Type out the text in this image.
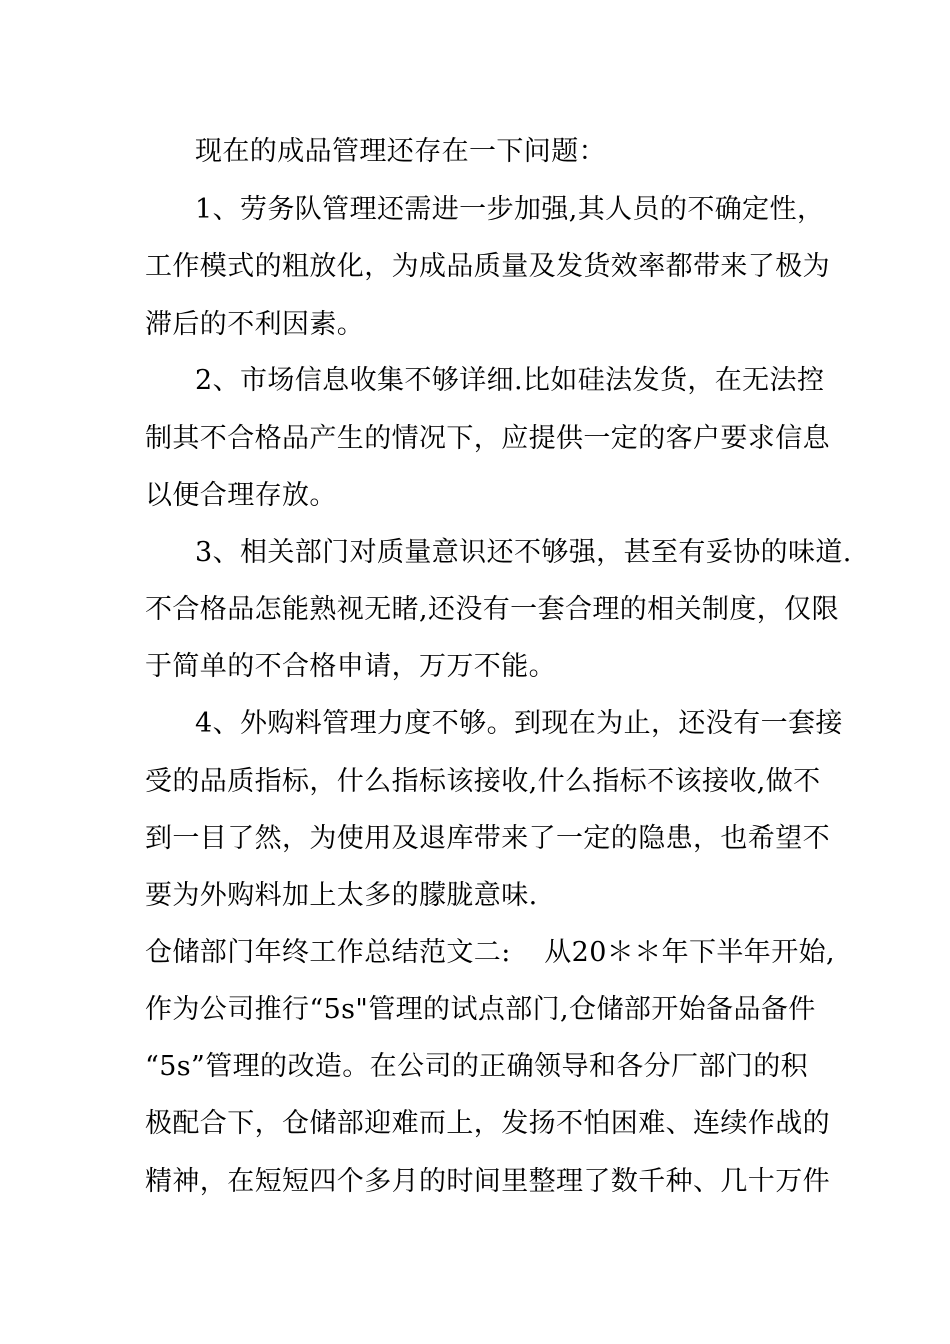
现在的成品管理还存在一下问题：
1、劳务队管理还需进一步加强,其人员的不确定性，
工作模式的粗放化，为成品质量及发货效率都带来了极为
滞后的不利因素。
2、市场信息收集不够详细.比如硅法发货，在无法控
制其不合格品产生的情况下，应提供一定的客户要求信息
以便合理存放。
3、相关部门对质量意识还不够强，甚至有妥协的味道.
不合格品怎能熟视无睹,还没有一套合理的相关制度，仅限
于简单的不合格申请，万万不能。
4、外购料管理力度不够。到现在为止，还没有一套接
受的品质指标，什么指标该接收,什么指标不该接收,做不
到一目了然，为使用及退库带来了一定的隐患，也希望不
要为外购料加上太多的朦胧意味.
仓储部门年终工作总结范文二: 从20＊＊年下半年开始,
作为公司推行“5s"管理的试点部门,仓储部开始备品备件
“5s”管理的改造。在公司的正确领导和各分厂部门的积
极配合下，仓储部迎难而上，发扬不怕困难、连续作战的
精神，在短短四个多月的时间里整理了数千种、几十万件
